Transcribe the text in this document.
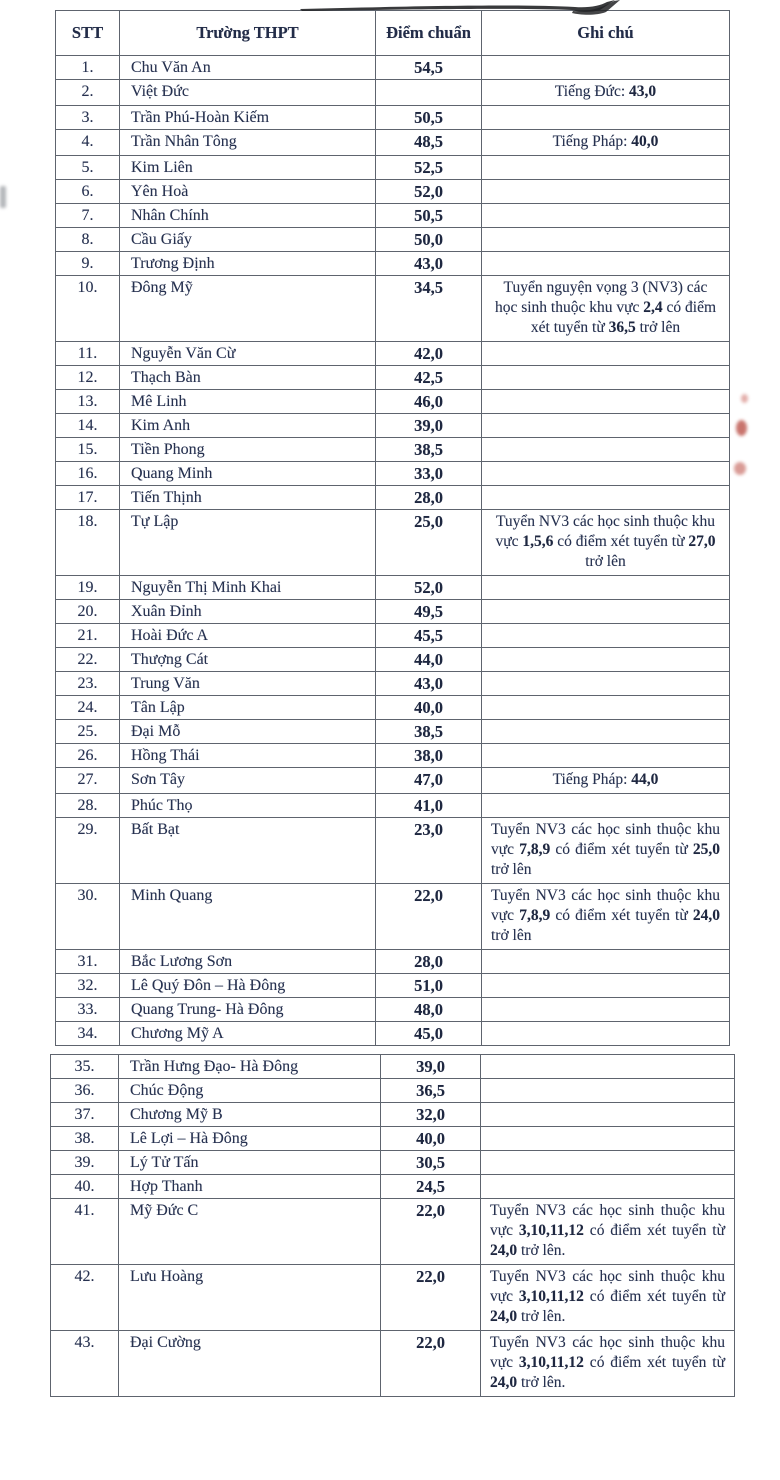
STT	Trường THPT	Điểm chuẩn	Ghi chú
1.	Chu Văn An	54,5	
2.	Việt Đức		Tiếng Đức: 43,0
3.	Trần Phú-Hoàn Kiếm	50,5	
4.	Trần Nhân Tông	48,5	Tiếng Pháp: 40,0
5.	Kim Liên	52,5	
6.	Yên Hoà	52,0	
7.	Nhân Chính	50,5	
8.	Cầu Giấy	50,0	
9.	Trương Định	43,0	
10.	Đông Mỹ	34,5	Tuyển nguyện vọng 3 (NV3) các học sinh thuộc khu vực 2,4 có điểm xét tuyển từ 36,5 trở lên
11.	Nguyễn Văn Cừ	42,0	
12.	Thạch Bàn	42,5	
13.	Mê Linh	46,0	
14.	Kim Anh	39,0	
15.	Tiền Phong	38,5	
16.	Quang Minh	33,0	
17.	Tiến Thịnh	28,0	
18.	Tự Lập	25,0	Tuyển NV3 các học sinh thuộc khu vực 1,5,6 có điểm xét tuyển từ 27,0 trở lên
19.	Nguyễn Thị Minh Khai	52,0	
20.	Xuân Đỉnh	49,5	
21.	Hoài Đức A	45,5	
22.	Thượng Cát	44,0	
23.	Trung Văn	43,0	
24.	Tân Lập	40,0	
25.	Đại Mỗ	38,5	
26.	Hồng Thái	38,0	
27.	Sơn Tây	47,0	Tiếng Pháp: 44,0
28.	Phúc Thọ	41,0	
29.	Bất Bạt	23,0	Tuyển NV3 các học sinh thuộc khu vực 7,8,9 có điểm xét tuyển từ 25,0 trở lên
30.	Minh Quang	22,0	Tuyển NV3 các học sinh thuộc khu vực 7,8,9 có điểm xét tuyển từ 24,0 trở lên
31.	Bắc Lương Sơn	28,0	
32.	Lê Quý Đôn – Hà Đông	51,0	
33.	Quang Trung- Hà Đông	48,0	
34.	Chương Mỹ A	45,0	
35.	Trần Hưng Đạo- Hà Đông	39,0	
36.	Chúc Động	36,5	
37.	Chương Mỹ B	32,0	
38.	Lê Lợi – Hà Đông	40,0	
39.	Lý Tử Tấn	30,5	
40.	Hợp Thanh	24,5	
41.	Mỹ Đức C	22,0	Tuyển NV3 các học sinh thuộc khu vực 3,10,11,12 có điểm xét tuyển từ 24,0 trở lên.
42.	Lưu Hoàng	22,0	Tuyển NV3 các học sinh thuộc khu vực 3,10,11,12 có điểm xét tuyển từ 24,0 trở lên.
43.	Đại Cường	22,0	Tuyển NV3 các học sinh thuộc khu vực 3,10,11,12 có điểm xét tuyển từ 24,0 trở lên.
